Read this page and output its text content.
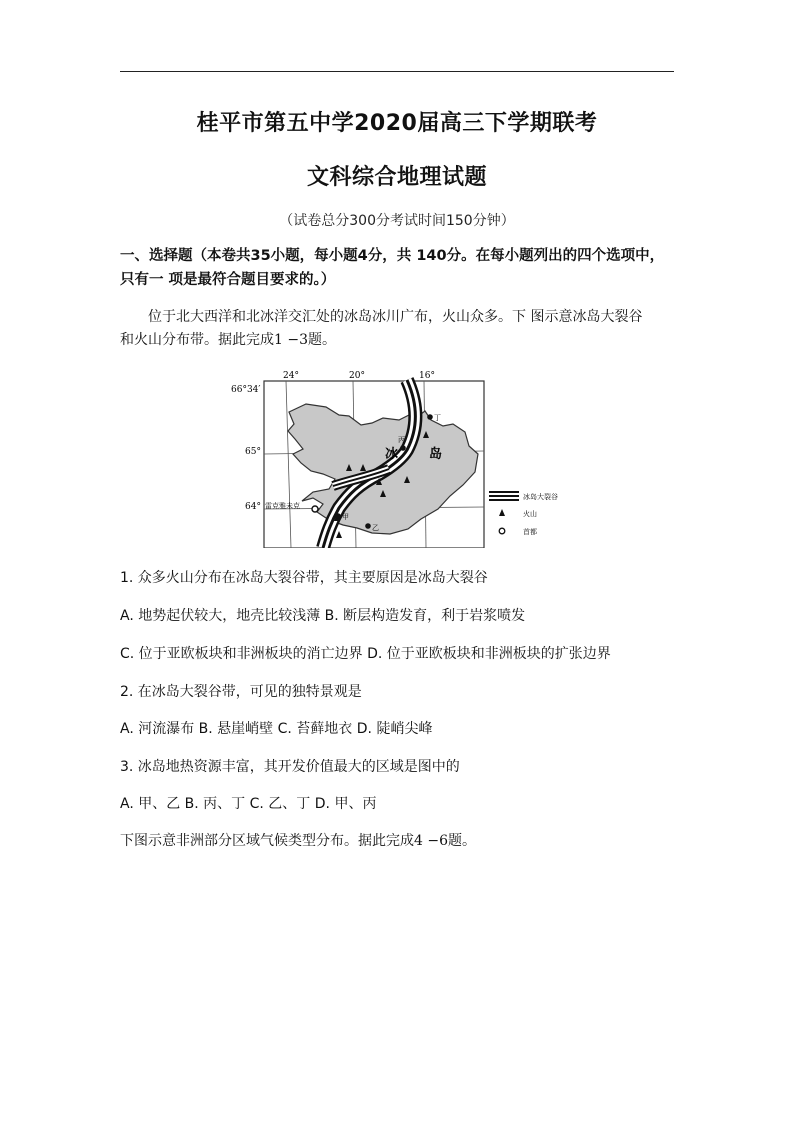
桂平市第五中学2020届高三下学期联考
文科综合地理试题
（试卷总分300分考试时间150分钟）
一、选择题（本卷共35小题，每小题4分，共 140分。在每小题列出的四个选项中，
只有一 项是最符合题目要求的。）
位于北大西洋和北冰洋交汇处的冰岛冰川广布，火山众多。下 图示意冰岛大裂谷
和火山分布带。据此完成1 −3题。
66°34′
65°
64°
24°	20°	16°
冰 岛
丙
丁
甲
乙
雷克雅未克
冰岛大裂谷
火山
首都
1. 众多火山分布在冰岛大裂谷带，其主要原因是冰岛大裂谷
A. 地势起伏较大，地壳比较浅薄 B. 断层构造发育，利于岩浆喷发
C. 位于亚欧板块和非洲板块的消亡边界 D. 位于亚欧板块和非洲板块的扩张边界
2. 在冰岛大裂谷带，可见的独特景观是
A. 河流瀑布 B. 悬崖峭壁 C. 苔藓地衣 D. 陡峭尖峰
3. 冰岛地热资源丰富，其开发价值最大的区域是图中的
A. 甲、乙 B. 丙、丁 C. 乙、丁 D. 甲、丙
下图示意非洲部分区域气候类型分布。据此完成4 −6题。
